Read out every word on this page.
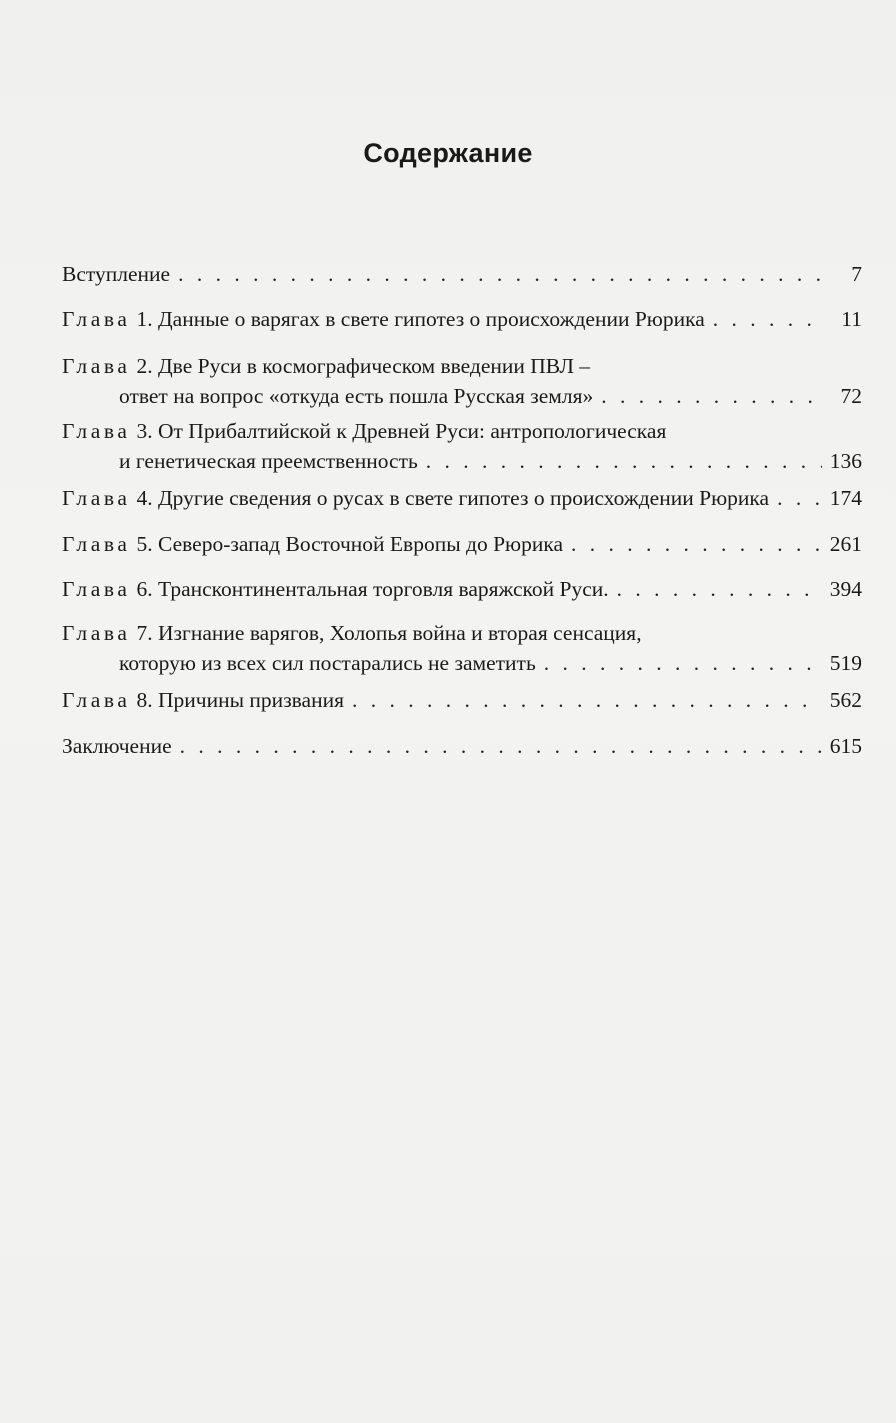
Содержание
Вступление . . .	7
Глава 1. Данные о варягах в свете гипотез о происхождении Рюрика . . .	11
Глава 2. Две Руси в космографическом введении ПВЛ –
ответ на вопрос «откуда есть пошла Русская земля» . . .	72
Глава 3. От Прибалтийской к Древней Руси: антропологическая
и генетическая преемственность . . .	136
Глава 4. Другие сведения о русах в свете гипотез о происхождении Рюрика . . .	174
Глава 5. Северо-запад Восточной Европы до Рюрика . . .	261
Глава 6. Трансконтинентальная торговля варяжской Руси. . . .	394
Глава 7. Изгнание варягов, Холопья война и вторая сенсация,
которую из всех сил постарались не заметить . . .	519
Глава 8. Причины призвания . . .	562
Заключение . . .	615
